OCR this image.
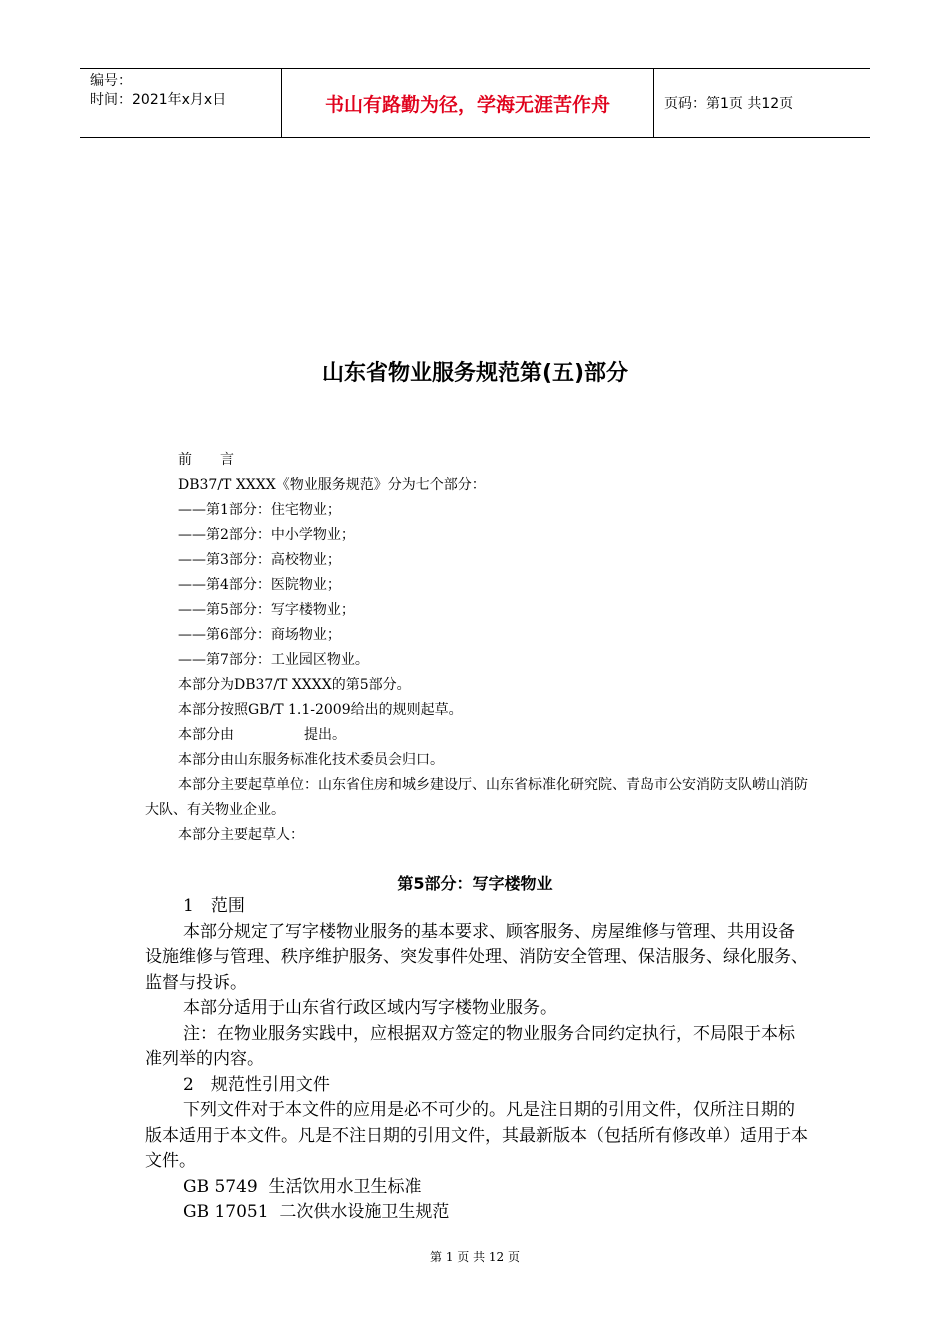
编号：
时间：2021年x月x日	书山有路勤为径，学海无涯苦作舟	页码：第1页 共12页
山东省物业服务规范第(五)部分
前　　言
DB37/T XXXX《物业服务规范》分为七个部分：
——第1部分：住宅物业；
——第2部分：中小学物业；
——第3部分：高校物业；
——第4部分：医院物业；
——第5部分：写字楼物业；
——第6部分：商场物业；
——第7部分：工业园区物业。
本部分为DB37/T XXXX的第5部分。
本部分按照GB/T 1.1-2009给出的规则起草。
本部分由　　　　　提出。
本部分由山东服务标准化技术委员会归口。
本部分主要起草单位：山东省住房和城乡建设厅、山东省标准化研究院、青岛市公安消防支队崂山消防大队、有关物业企业。
本部分主要起草人：
第5部分：写字楼物业
1　范围
本部分规定了写字楼物业服务的基本要求、顾客服务、房屋维修与管理、共用设备设施维修与管理、秩序维护服务、突发事件处理、消防安全管理、保洁服务、绿化服务、监督与投诉。
本部分适用于山东省行政区域内写字楼物业服务。
注：在物业服务实践中，应根据双方签定的物业服务合同约定执行，不局限于本标准列举的内容。
2　规范性引用文件
下列文件对于本文件的应用是必不可少的。凡是注日期的引用文件，仅所注日期的版本适用于本文件。凡是不注日期的引用文件，其最新版本（包括所有修改单）适用于本文件。
GB 5749  生活饮用水卫生标准
GB 17051  二次供水设施卫生规范
第 1 页 共 12 页
